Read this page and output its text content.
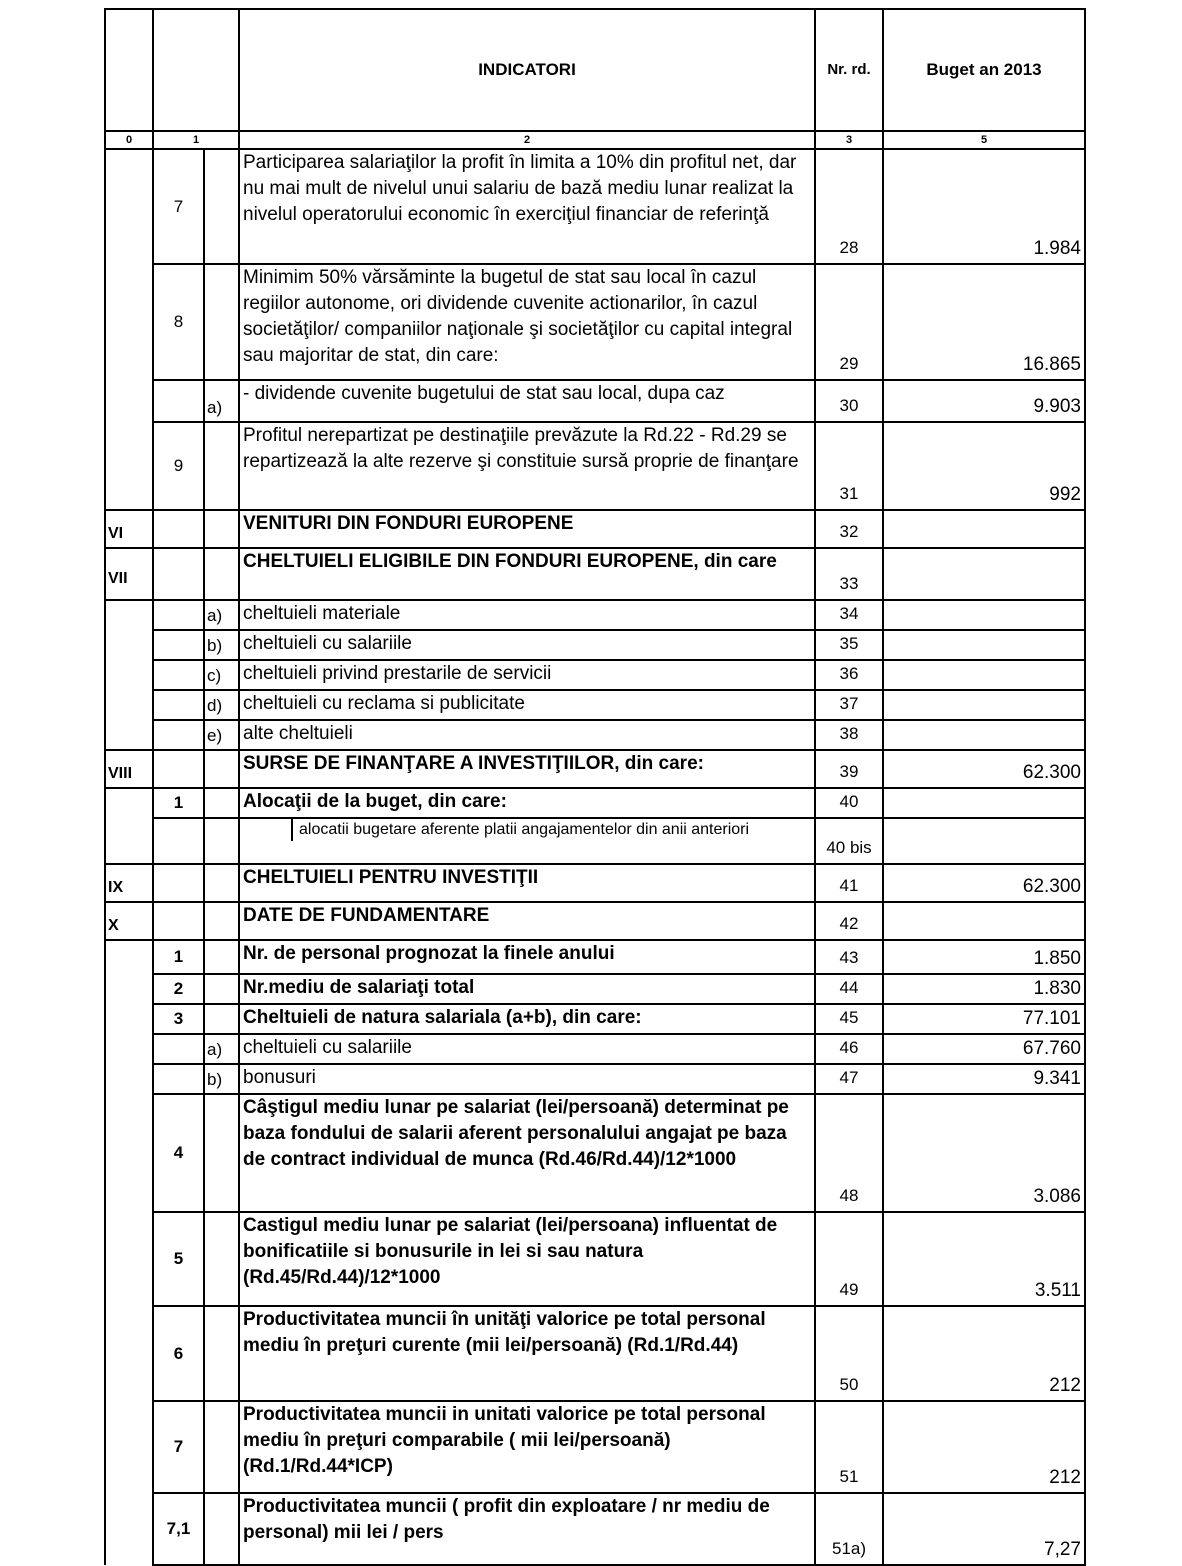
			INDICATORI	Nr. rd.	Buget an 2013
0	1		2	3	5
	7		Participarea salariaţilor la profit în limita a 10% din profitul net, dar nu mai mult de nivelul unui salariu de bază mediu lunar realizat la nivelul operatorului economic în exerciţiul financiar de referinţă	28	1.984
	8		Minimim 50% vărsăminte la bugetul de stat sau local în cazul regiilor autonome, ori dividende cuvenite actionarilor, în cazul societăţilor/ companiilor naţionale şi societăţilor cu capital integral sau majoritar de stat, din care:	29	16.865
		a)	- dividende cuvenite bugetului de stat sau local, dupa caz	30	9.903
	9		Profitul nerepartizat pe destinaţiile prevăzute la Rd.22 - Rd.29 se repartizează la alte rezerve şi constituie sursă proprie de finanţare	31	992
VI			VENITURI DIN FONDURI EUROPENE	32	
VII			CHELTUIELI ELIGIBILE DIN FONDURI EUROPENE, din care	33	
		a)	cheltuieli materiale	34	
		b)	cheltuieli cu salariile	35	
		c)	cheltuieli privind prestarile de servicii	36	
		d)	cheltuieli cu reclama si publicitate	37	
		e)	alte cheltuieli	38	
VIII			SURSE DE FINANŢARE A INVESTIŢIILOR, din care:	39	62.300
	1		Alocaţii de la buget, din care:	40	

			alocatii bugetare aferente platii angajamentelor din anii anteriori	40 bis	
IX			CHELTUIELI PENTRU INVESTIŢII	41	62.300
X			DATE DE FUNDAMENTARE	42	
	1		Nr. de personal prognozat la finele anului	43	1.850
	2		Nr.mediu de salariaţi total	44	1.830
	3		Cheltuieli de natura salariala (a+b), din care:	45	77.101
		a)	cheltuieli cu salariile	46	67.760
		b)	bonusuri	47	9.341
	4		Câştigul mediu lunar pe salariat (lei/persoană) determinat pe baza fondului de salarii aferent personalului angajat pe baza de contract individual de munca (Rd.46/Rd.44)/12*1000	48	3.086
	5		Castigul mediu lunar pe salariat (lei/persoana) influentat de bonificatiile si bonusurile in lei si sau natura (Rd.45/Rd.44)/12*1000	49	3.511
	6		Productivitatea muncii în unităţi valorice pe total personal mediu în preţuri curente (mii lei/persoană) (Rd.1/Rd.44)	50	212
	7		Productivitatea muncii in unitati valorice pe total personal mediu în preţuri comparabile ( mii lei/persoană) (Rd.1/Rd.44*ICP)	51	212
	7,1		Productivitatea muncii ( profit din exploatare / nr mediu de personal) mii lei / pers	51a)	7,27
